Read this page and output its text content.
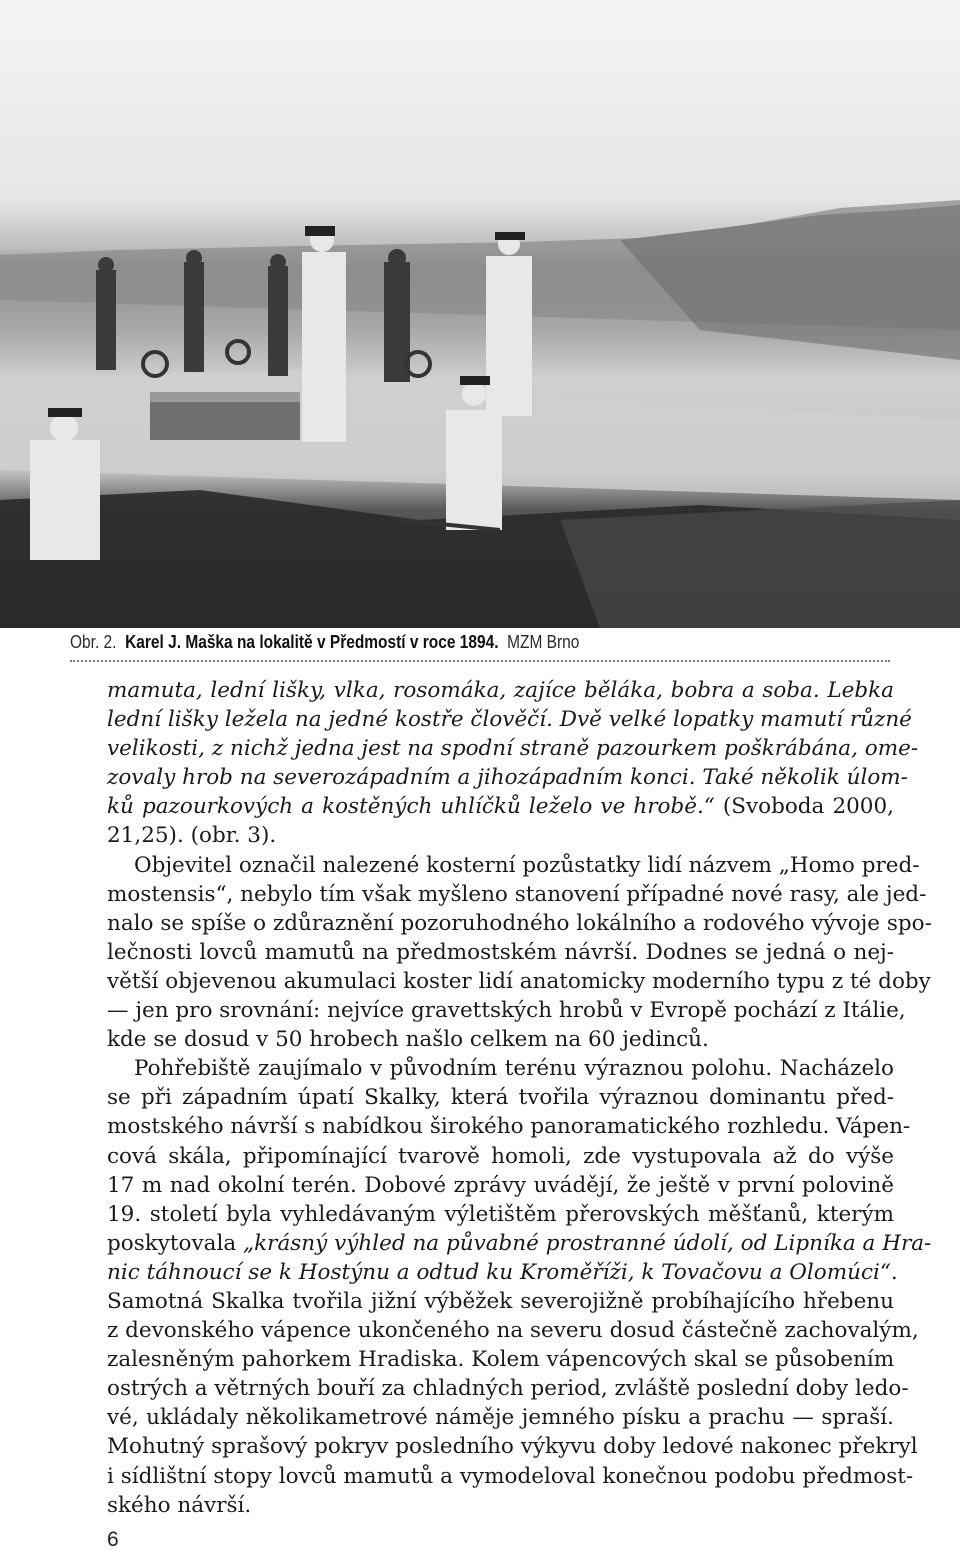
Obr. 2. Karel J. Maška na lokalitě v Předmostí v roce 1894. MZM Brno
mamuta, lední lišky, vlka, rosomáka, zajíce běláka, bobra a soba. Lebka
lední lišky ležela na jedné kostře člověčí. Dvě velké lopatky mamutí různé
velikosti, z nichž jedna jest na spodní straně pazourkem poškrábána, ome-
zovaly hrob na severozápadním a jihozápadním konci. Také několik úlom-
ků pazourkových a kostěných uhlíčků leželo ve hrobě.“ (Svoboda 2000,
21,25). (obr. 3).
Objevitel označil nalezené kosterní pozůstatky lidí názvem „Homo pred-
mostensis“, nebylo tím však myšleno stanovení případné nové rasy, ale jed-
nalo se spíše o zdůraznění pozoruhodného lokálního a rodového vývoje spo-
lečnosti lovců mamutů na předmostském návrší. Dodnes se jedná o nej-
větší objevenou akumulaci koster lidí anatomicky moderního typu z té doby
— jen pro srovnání: nejvíce gravettských hrobů v Evropě pochází z Itálie,
kde se dosud v 50 hrobech našlo celkem na 60 jedinců.
Pohřebiště zaujímalo v původním terénu výraznou polohu. Nacházelo
se při západním úpatí Skalky, která tvořila výraznou dominantu před-
mostského návrší s nabídkou širokého panoramatického rozhledu. Vápen-
cová skála, připomínající tvarově homoli, zde vystupovala až do výše
17 m nad okolní terén. Dobové zprávy uvádějí, že ještě v první polovině
19. století byla vyhledávaným výletištěm přerovských měšťanů, kterým
poskytovala „krásný výhled na půvabné prostranné údolí, od Lipníka a Hra-
nic táhnoucí se k Hostýnu a odtud ku Kroměříži, k Tovačovu a Olomúci“.
Samotná Skalka tvořila jižní výběžek severojižně probíhajícího hřebenu
z devonského vápence ukončeného na severu dosud částečně zachovalým,
zalesněným pahorkem Hradiska. Kolem vápencových skal se působením
ostrých a větrných bouří za chladných period, zvláště poslední doby ledo-
vé, ukládaly několikametrové náměje jemného písku a prachu — spraší.
Mohutný sprašový pokryv posledního výkyvu doby ledové nakonec překryl
i sídlištní stopy lovců mamutů a vymodeloval konečnou podobu předmost-
ského návrší.
6
